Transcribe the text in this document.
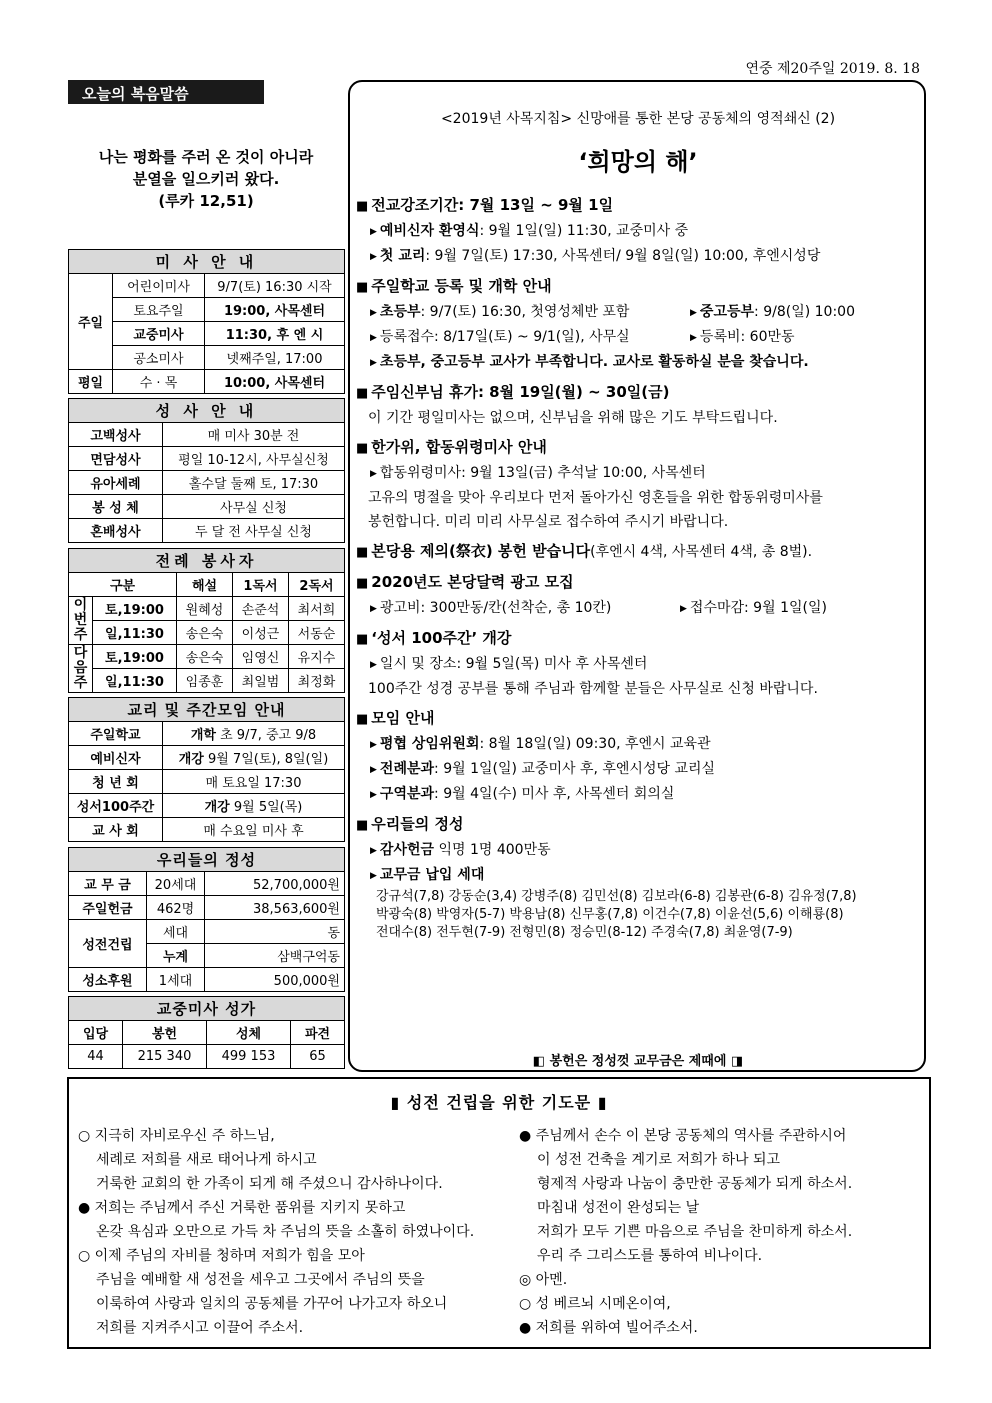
연중 제20주일 2019. 8. 18
오늘의 복음말씀
나는 평화를 주러 온 것이 아니라
분열을 일으키러 왔다.
(루카 12,51)
미 사 안 내		
주일	어린이미사	9/7(토) 16:30 시작
	토요주일	19:00, 사목센터
	교중미사	11:30, 후 엔 시
	공소미사	넷째주일, 17:00
평일	수 · 목	10:00, 사목센터
성 사 안 내	
고백성사	매 미사 30분 전
면담성사	평일 10-12시, 사무실신청
유아세례	홀수달 둘째 토, 17:30
봉 성 체	사무실 신청
혼배성사	두 달 전 사무실 신청
전례 봉사자				
구분		해설	1독서	2독서
이
번
주	토,19:00	원혜성	손준석	최서희
	일,11:30	송은숙	이성근	서동순
다
음
주	토,19:00	송은숙	임영신	유지수
	일,11:30	임종훈	최일범	최정화
교리 및 주간모임 안내	
주일학교	개학 초 9/7, 중고 9/8
예비신자	개강 9월 7일(토), 8일(일)
청 년 회	매 토요일 17:30
성서100주간	개강 9월 5일(목)
교 사 회	매 수요일 미사 후
우리들의 정성		
교 무 금	20세대	52,700,000원
주일헌금	462명	38,563,600원
성전건립	세대	동
	누계	삼백구억동
성소후원	1세대	500,000원
교중미사 성가			
입당	봉헌	성체	파견
44	215 340	499 153	65
<2019년 사목지침> 신망애를 통한 본당 공동체의 영적쇄신 (2)
‘희망의 해’
■ 전교강조기간: 7월 13일 ~ 9월 1일
▶ 예비신자 환영식: 9월 1일(일) 11:30, 교중미사 중
▶ 첫 교리: 9월 7일(토) 17:30, 사목센터/ 9월 8일(일) 10:00, 후엔시성당
■ 주일학교 등록 및 개학 안내
▶ 초등부: 9/7(토) 16:30, 첫영성체반 포함	▶ 중고등부: 9/8(일) 10:00
▶ 등록접수: 8/17일(토) ~ 9/1(일), 사무실	▶ 등록비: 60만동
▶ 초등부, 중고등부 교사가 부족합니다. 교사로 활동하실 분을 찾습니다.
■ 주임신부님 휴가: 8월 19일(월) ~ 30일(금)
이 기간 평일미사는 없으며, 신부님을 위해 많은 기도 부탁드립니다.
■ 한가위, 합동위령미사 안내
▶ 합동위령미사: 9월 13일(금) 추석날 10:00, 사목센터
고유의 명절을 맞아 우리보다 먼저 돌아가신 영혼들을 위한 합동위령미사를
봉헌합니다. 미리 미리 사무실로 접수하여 주시기 바랍니다.
■ 본당용 제의(祭衣) 봉헌 받습니다(후엔시 4색, 사목센터 4색, 총 8벌).
■ 2020년도 본당달력 광고 모집
▶ 광고비: 300만동/칸(선착순, 총 10칸)	▶ 접수마감: 9월 1일(일)
■ ‘성서 100주간’ 개강
▶ 일시 및 장소: 9월 5일(목) 미사 후 사목센터
100주간 성경 공부를 통해 주님과 함께할 분들은 사무실로 신청 바랍니다.
■ 모임 안내
▶ 평협 상임위원회: 8월 18일(일) 09:30, 후엔시 교육관
▶ 전례분과: 9월 1일(일) 교중미사 후, 후엔시성당 교리실
▶ 구역분과: 9월 4일(수) 미사 후, 사목센터 회의실
■ 우리들의 정성
▶ 감사헌금 익명 1명 400만동
▶ 교무금 납입 세대
강규석(7,8) 강동순(3,4) 강병주(8) 김민선(8) 김보라(6-8) 김봉관(6-8) 김유정(7,8)
박광숙(8) 박영자(5-7) 박용남(8) 신무홍(7,8) 이건수(7,8) 이윤선(5,6) 이해룡(8)
전대수(8) 전두현(7-9) 전형민(8) 정승민(8-12) 주경숙(7,8) 최윤영(7-9)
◧ 봉헌은 정성껏 교무금은 제때에 ◨
▮ 성전 건립을 위한 기도문 ▮
○ 지극히 자비로우신 주 하느님,
세례로 저희를 새로 태어나게 하시고
거룩한 교회의 한 가족이 되게 해 주셨으니 감사하나이다.
● 저희는 주님께서 주신 거룩한 품위를 지키지 못하고
온갖 욕심과 오만으로 가득 차 주님의 뜻을 소홀히 하였나이다.
○ 이제 주님의 자비를 청하며 저희가 힘을 모아
주님을 예배할 새 성전을 세우고 그곳에서 주님의 뜻을
이룩하여 사랑과 일치의 공동체를 가꾸어 나가고자 하오니
저희를 지켜주시고 이끌어 주소서.
● 주님께서 손수 이 본당 공동체의 역사를 주관하시어
이 성전 건축을 계기로 저희가 하나 되고
형제적 사랑과 나눔이 충만한 공동체가 되게 하소서.
마침내 성전이 완성되는 날
저희가 모두 기쁜 마음으로 주님을 찬미하게 하소서.
우리 주 그리스도를 통하여 비나이다.
◎ 아멘.
○ 성 베르뇌 시메온이여,
● 저희를 위하여 빌어주소서.
